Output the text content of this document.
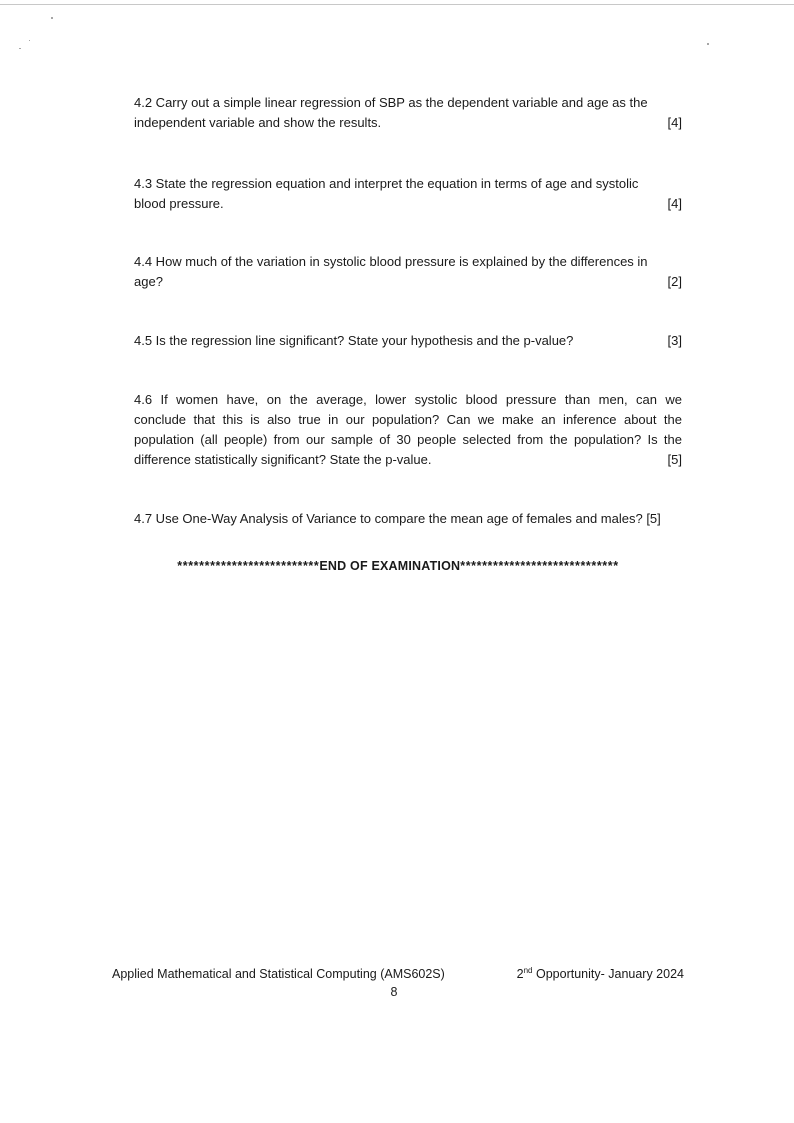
4.2 Carry out a simple linear regression of SBP as the dependent variable and age as the
independent variable and show the results.	[4]
4.3 State the regression equation and interpret the equation in terms of age and systolic
blood pressure.	[4]
4.4 How much of the variation in systolic blood pressure is explained by the differences in
age?	[2]
4.5 Is the regression line significant? State your hypothesis and the p-value?	[3]
4.6 If women have, on the average, lower systolic blood pressure than men, can we
conclude that this is also true in our population? Can we make an inference about the
population (all people) from our sample of 30 people selected from the population? Is the
difference statistically significant? State the p-value.	[5]
4.7 Use One-Way Analysis of Variance to compare the mean age of females and males? [5]
**************************END OF EXAMINATION*****************************
Applied Mathematical and Statistical Computing (AMS602S)	2nd Opportunity- January 2024
8
